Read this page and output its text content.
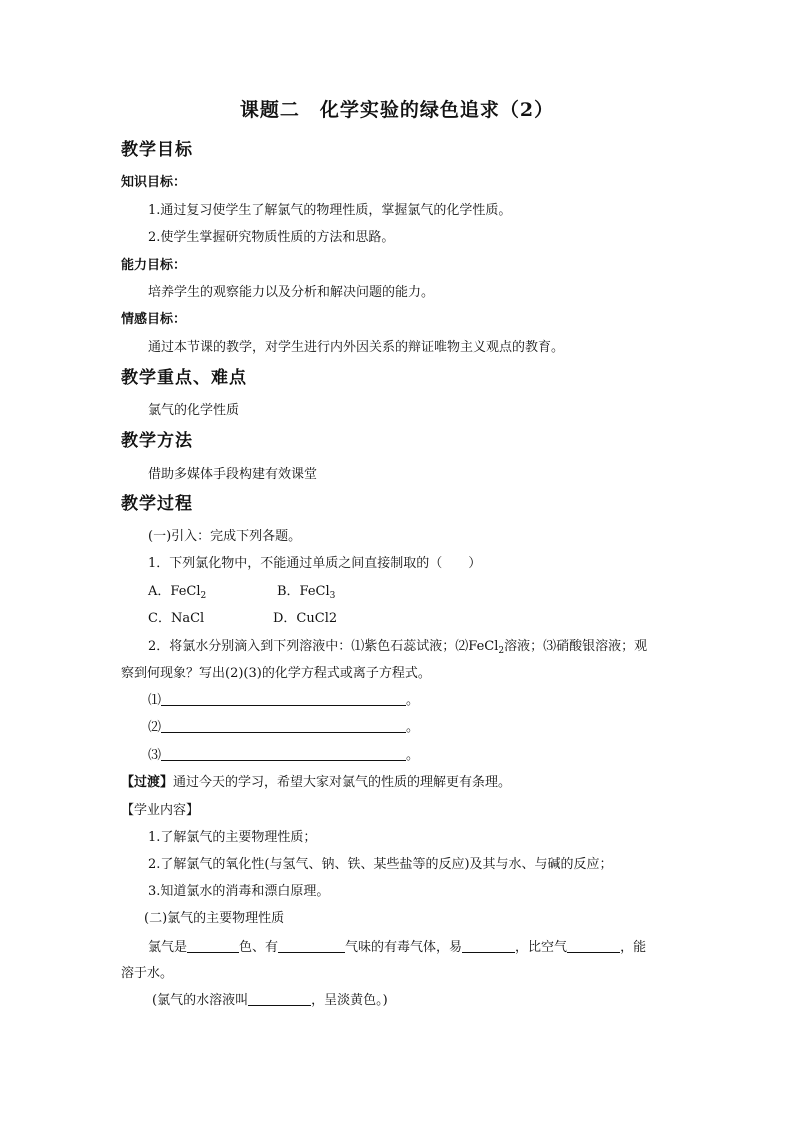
课题二　化学实验的绿色追求（2）
教学目标
知识目标：
1.通过复习使学生了解氯气的物理性质，掌握氯气的化学性质。
2.使学生掌握研究物质性质的方法和思路。
能力目标：
培养学生的观察能力以及分析和解决问题的能力。
情感目标：
通过本节课的教学，对学生进行内外因关系的辩证唯物主义观点的教育。
教学重点、难点
氯气的化学性质
教学方法
借助多媒体手段构建有效课堂
教学过程
(一)引入：完成下列各题。
1．下列氯化物中，不能通过单质之间直接制取的（　　）
A．FeCl$_2$	B．FeCl$_3$
C．NaCl	D．CuCl2
2．将氯水分别滴入到下列溶液中：⑴紫色石蕊试液；⑵FeCl$_2$溶液；⑶硝酸银溶液；观
察到何现象？写出(2)(3)的化学方程式或离子方程式。
⑴	。
⑵	。
⑶	。
【过渡】通过今天的学习，希望大家对氯气的性质的理解更有条理。
【学业内容】
1.了解氯气的主要物理性质；
2.了解氯气的氧化性(与氢气、钠、铁、某些盐等的反应)及其与水、与碱的反应；
3.知道氯水的消毒和漂白原理。
(二)氯气的主要物理性质
氯气是	色、有	气味的有毒气体，易	，比空气	，能
溶于水。
(氯气的水溶液叫	，呈淡黄色。)
